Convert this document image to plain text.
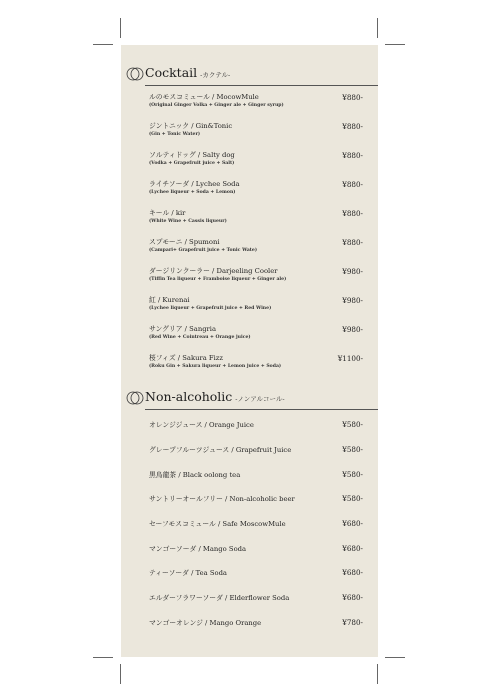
Cocktail -カクテル-
ルのモスコミュール / MocowMule
(Original Ginger Volka + Ginger ale + Ginger syrup)
¥880-
ジントニック / Gin&Tonic
(Gin + Tonic Water)
¥880-
ソルティドッグ / Salty dog
(Vodka + Grapefruit juice + Salt)
¥880-
ライチソーダ / Lychee Soda
(Lychee liqueur + Soda + Lemon)
¥880-
キール / kir
(White Wine + Cassis liqueur)
¥880-
スプモーニ / Spumoni
(Campari+ Grapefruit juice + Tonic Wate)
¥880-
ダージリンクーラー / Darjeeling Cooler
(Tiffin Tea liqueur + Framboise liqueur + Ginger ale)
¥980-
紅 / Kurenai
(Lychee liqueur + Grapefruit juice + Red Wine)
¥980-
サングリア / Sangria
(Red Wine + Cointreau + Orange juice)
¥980-
桜フィズ / Sakura Fizz
(Roku Gin + Sakura liqueur + Lemon juice + Soda)
¥1100-
Non-alcoholic -ノンアルコール-
オレンジジュース / Orange Juice	¥580-
グレープフルーツジュース / Grapefruit Juice	¥580-
黒烏龍茶 / Black oolong tea	¥580-
サントリーオールフリー / Non-alcoholic beer	¥580-
セーフモスコミュール / Safe MoscowMule	¥680-
マンゴーソーダ / Mango Soda	¥680-
ティーソーダ / Tea Soda	¥680-
エルダーフラワーソーダ / Elderflower Soda	¥680-
マンゴーオレンジ / Mango Orange	¥780-
